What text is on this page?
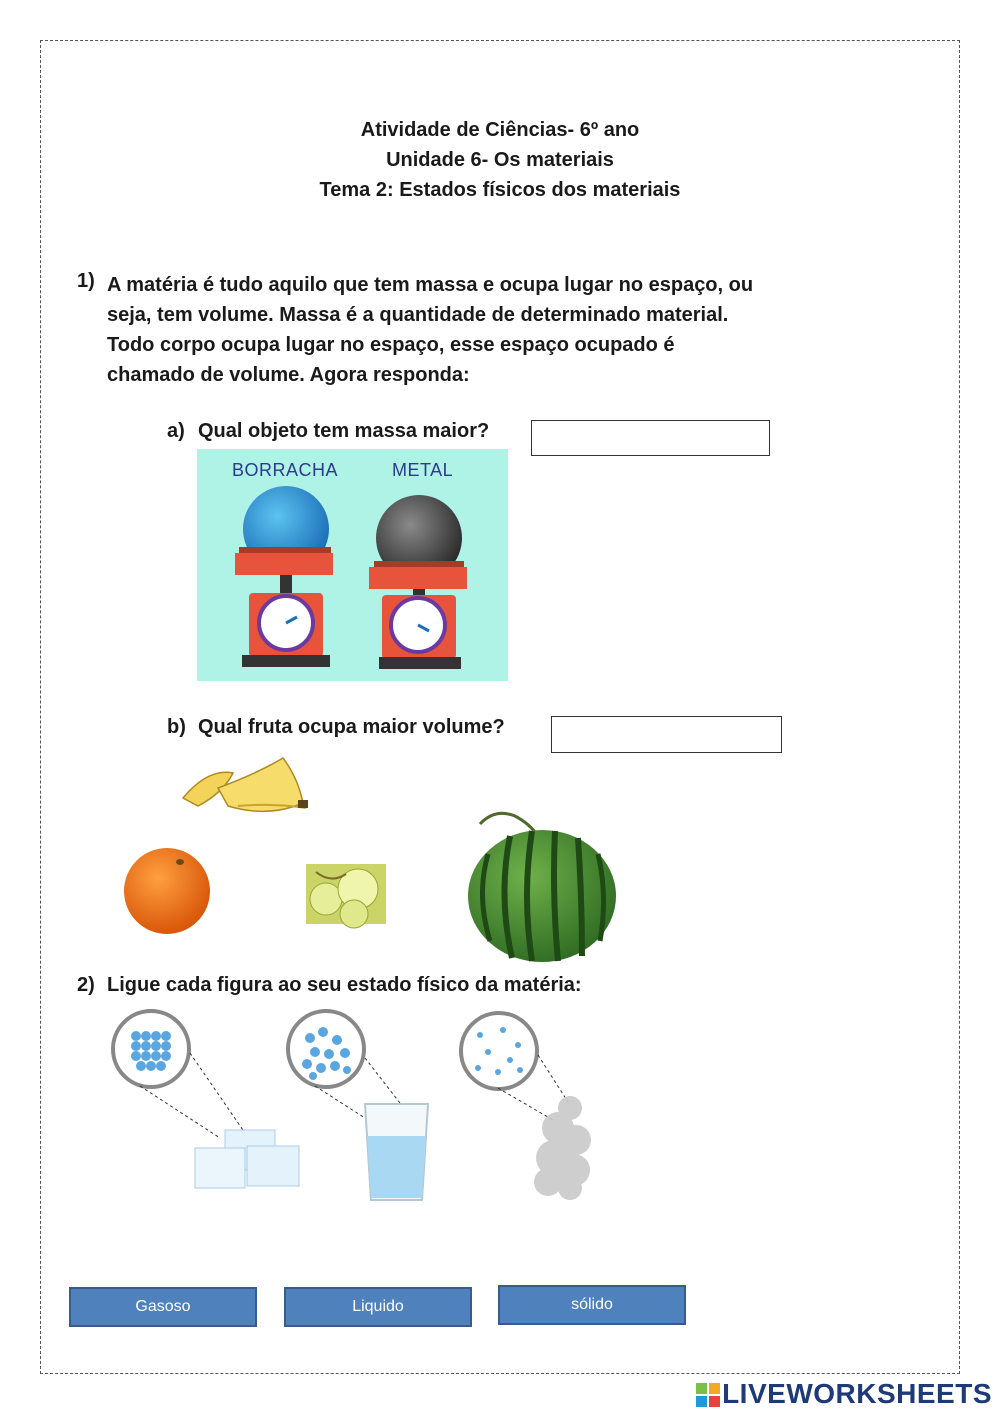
Atividade de Ciências- 6º ano
Unidade 6- Os materiais
Tema 2: Estados físicos dos materiais
1) A matéria é tudo aquilo que tem massa e ocupa lugar no espaço, ou
seja, tem volume. Massa é a quantidade de determinado material.
Todo corpo ocupa lugar no espaço, esse espaço ocupado é
chamado de volume. Agora responda:
a) Qual objeto tem massa maior?
BORRACHA	METAL
b) Qual fruta ocupa maior volume?
2) Ligue cada figura ao seu estado físico da matéria:
Gasoso	Liquido	sólido
LIVEWORKSHEETS
